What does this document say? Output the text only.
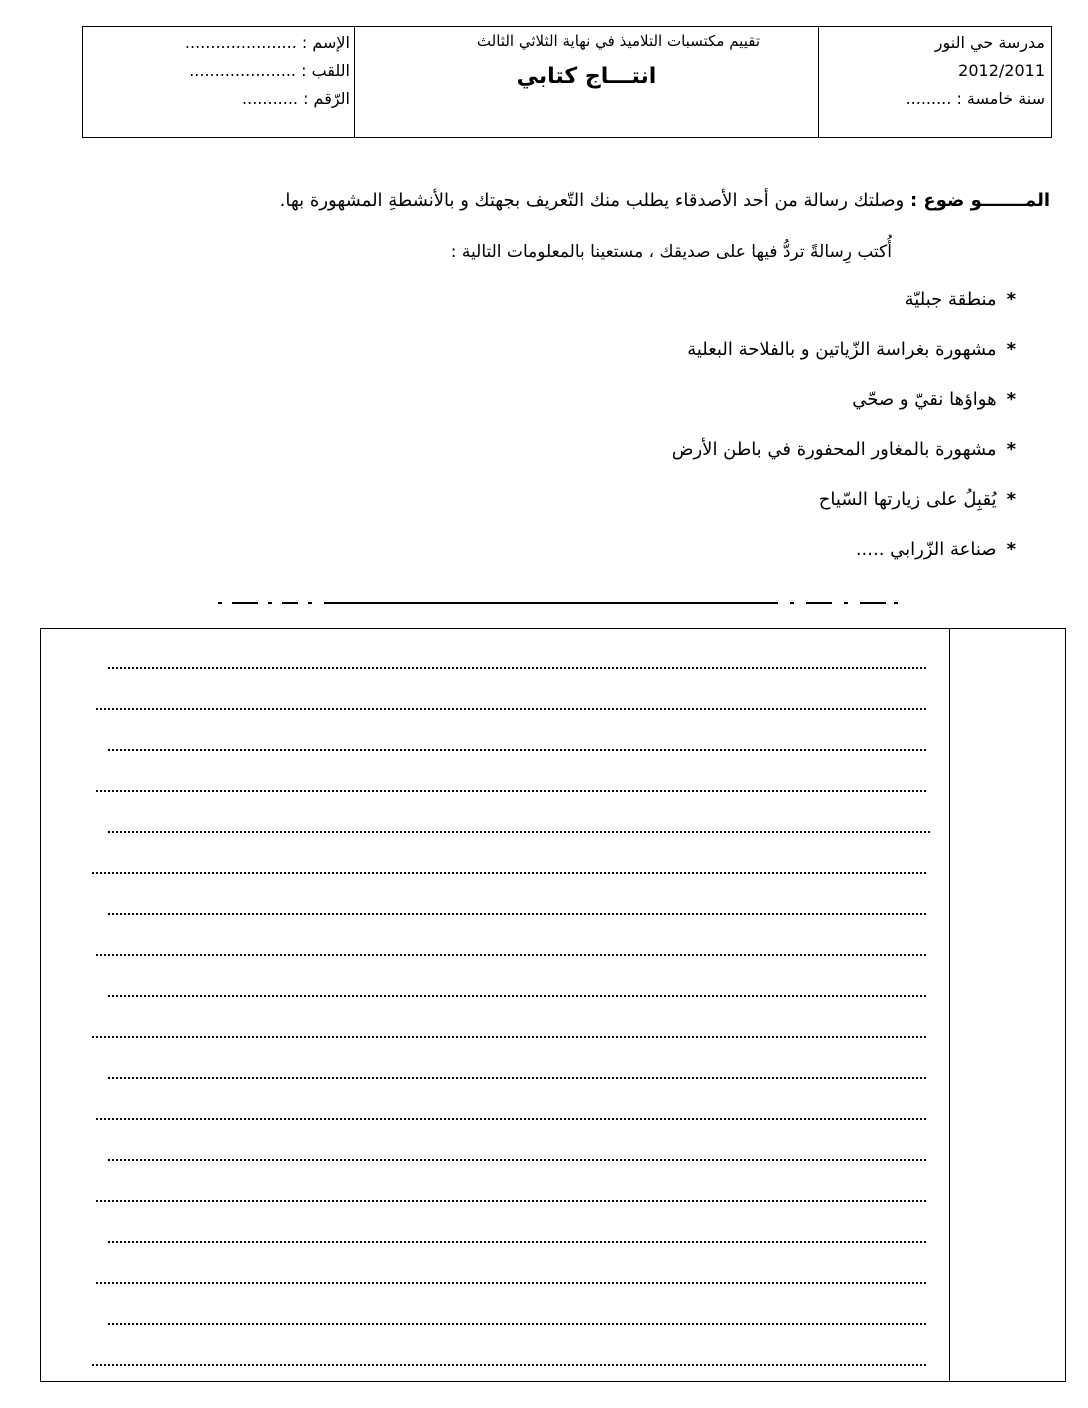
الإسم : ......................
اللقب : .....................
الرّقم : ...........
تقييم مكتسبات التلاميذ في نهاية الثلاثي الثالث
انتـــاج كتابي
مدرسة حي النور
2012/2011
سنة خامسة : .........
المـــــــو ضوع : وصلتك رسالة من أحد الأصدقاء يطلب منك التّعريف بجهتك و بالأنشطةِ المشهورة بها.
أُكتب رِسالةً تردُّ فيها على صديقك ، مستعينا بالمعلومات التالية :
*منطقة جبليّة
*مشهورة بغراسة الزّياتين و بالفلاحة البعلية
*هواؤها نقيّ و صحّي
*مشهورة بالمغاور المحفورة في باطن الأرض
*يُقبِلُ على زيارتها السّياح
*صناعة الزّرابي .....
